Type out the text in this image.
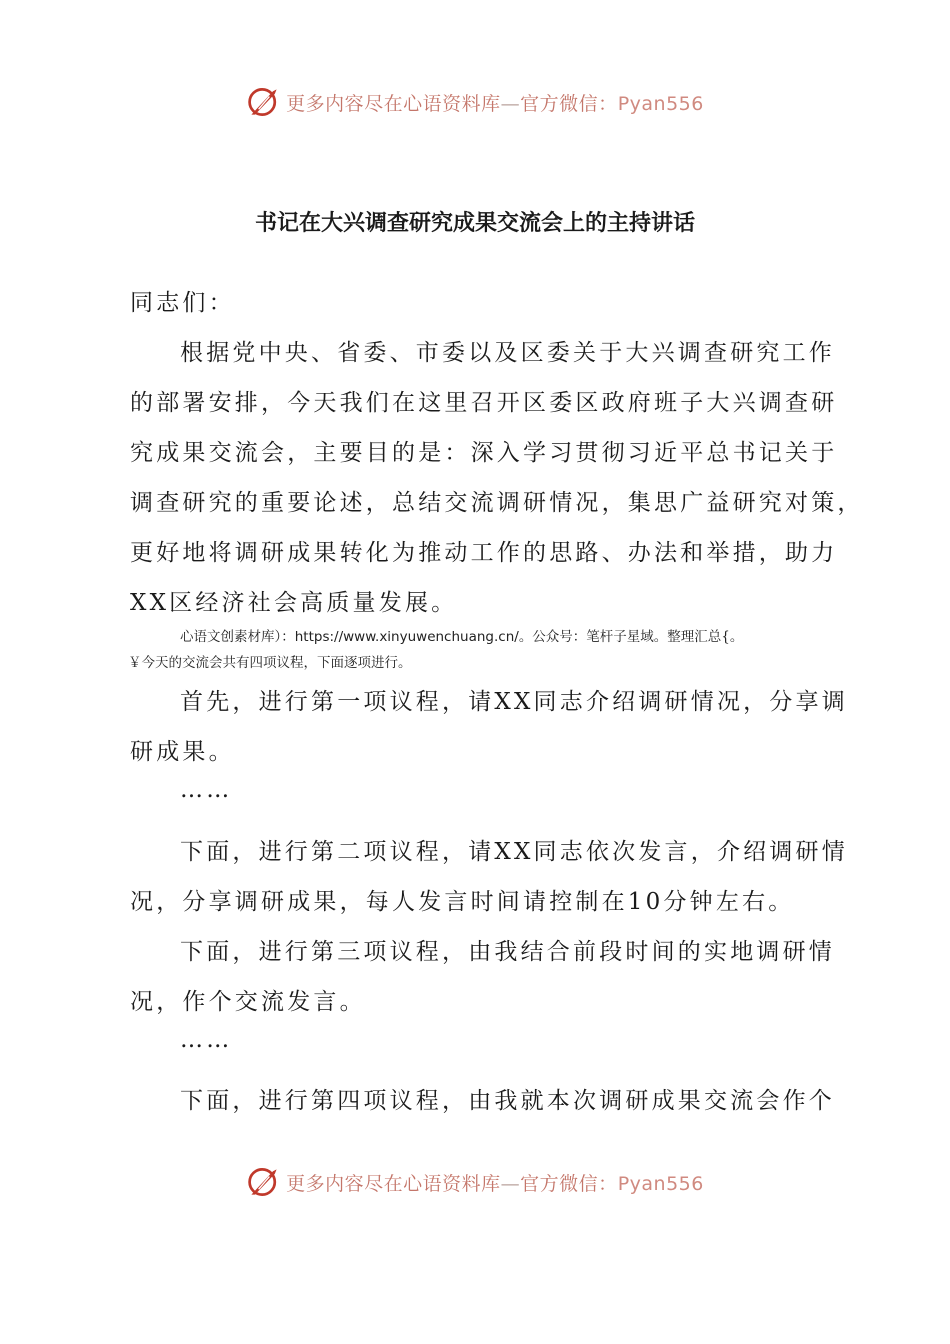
更多内容尽在心语资料库—官方微信：Pyan556
书记在大兴调查研究成果交流会上的主持讲话
同志们：
根据党中央、省委、市委以及区委关于大兴调查研究工作
的部署安排，今天我们在这里召开区委区政府班子大兴调查研
究成果交流会，主要目的是：深入学习贯彻习近平总书记关于
调查研究的重要论述，总结交流调研情况，集思广益研究对策，
更好地将调研成果转化为推动工作的思路、办法和举措，助力
XX区经济社会高质量发展。
心语文创素材库）：https://www.xinyuwenchuang.cn/。公众号：笔杆子星域。整理汇总{。
￥今天的交流会共有四项议程，下面逐项进行。
首先，进行第一项议程，请XX同志介绍调研情况，分享调
研成果。
……
下面，进行第二项议程，请XX同志依次发言，介绍调研情
况，分享调研成果，每人发言时间请控制在10分钟左右。
下面，进行第三项议程，由我结合前段时间的实地调研情
况，作个交流发言。
……
下面，进行第四项议程，由我就本次调研成果交流会作个
更多内容尽在心语资料库—官方微信：Pyan556
